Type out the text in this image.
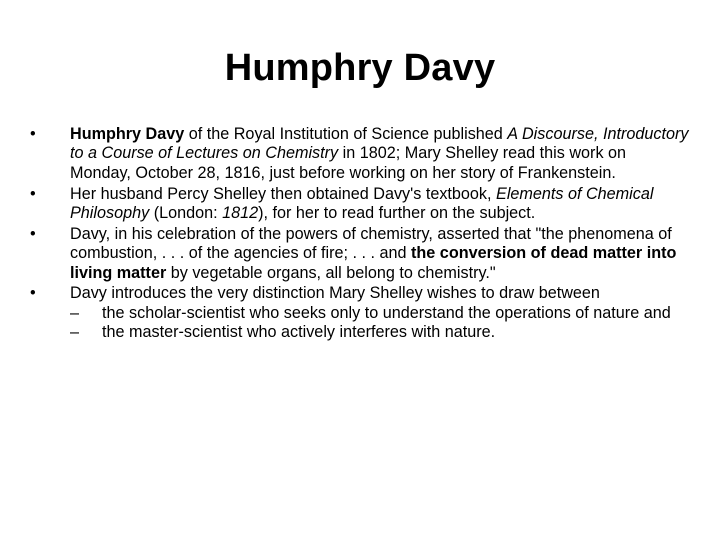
Humphry Davy
• Humphry Davy of the Royal Institution of Science published A Discourse, Introductory to a Course of Lectures on Chemistry in 1802; Mary Shelley read this work on Monday, October 28, 1816, just before working on her story of Frankenstein.
• Her husband Percy Shelley then obtained Davy's textbook, Elements of Chemical Philosophy (London: 1812), for her to read further on the subject.
• Davy, in his celebration of the powers of chemistry, asserted that "the phenomena of combustion, . . . of the agencies of fire; . . . and the conversion of dead matter into living matter by vegetable organs, all belong to chemistry."
• Davy introduces the very distinction Mary Shelley wishes to draw between
– the scholar‑scientist who seeks only to understand the operations of nature and
– the master‑scientist who actively interferes with nature.
